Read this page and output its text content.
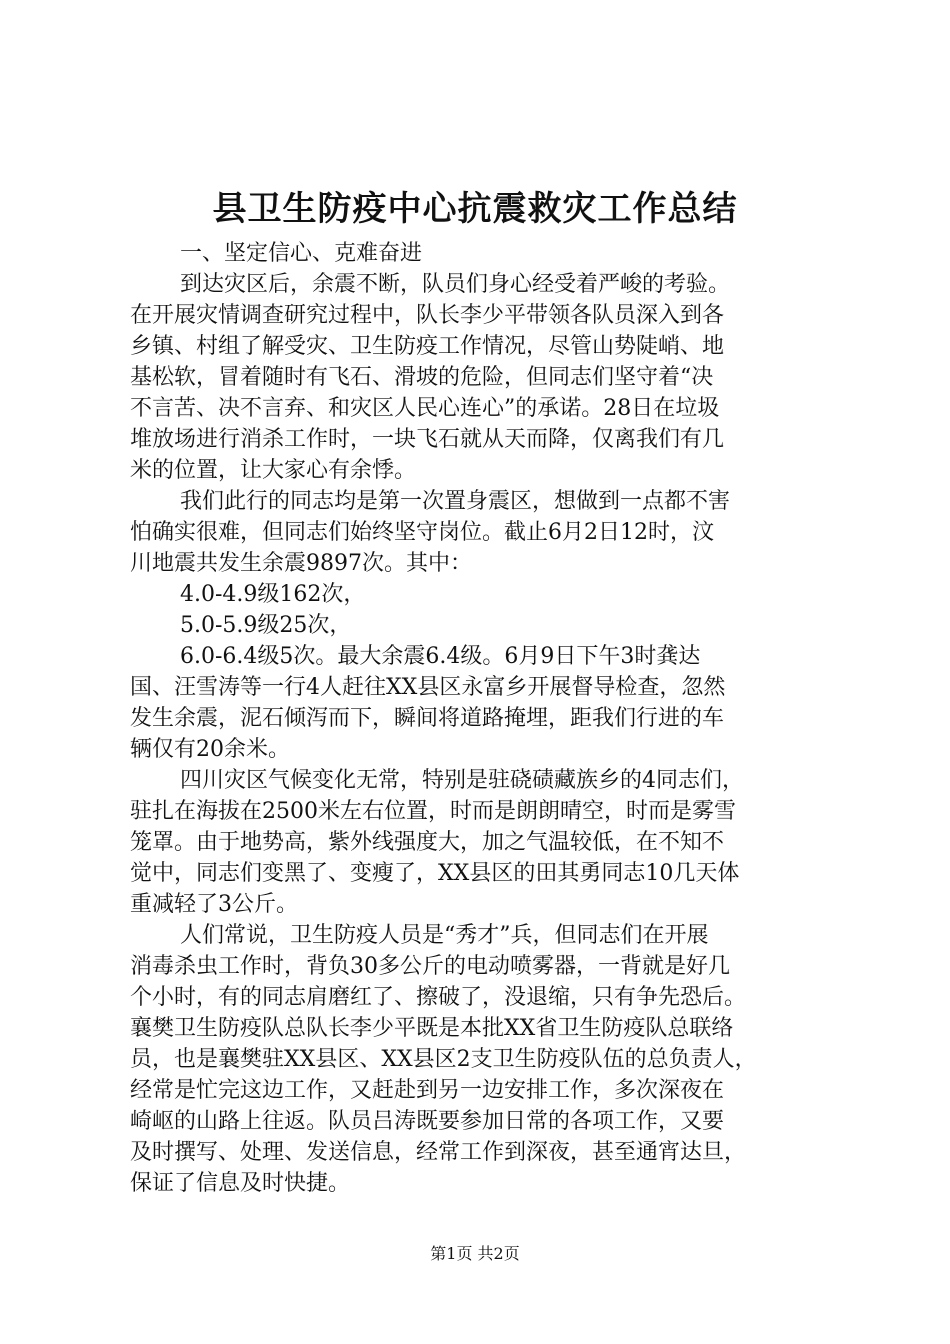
县卫生防疫中心抗震救灾工作总结
一、坚定信心、克难奋进
到达灾区后，余震不断，队员们身心经受着严峻的考验。
在开展灾情调查研究过程中，队长李少平带领各队员深入到各
乡镇、村组了解受灾、卫生防疫工作情况，尽管山势陡峭、地
基松软，冒着随时有飞石、滑坡的危险，但同志们坚守着“决
不言苦、决不言弃、和灾区人民心连心”的承诺。28日在垃圾
堆放场进行消杀工作时，一块飞石就从天而降，仅离我们有几
米的位置，让大家心有余悸。
我们此行的同志均是第一次置身震区，想做到一点都不害
怕确实很难，但同志们始终坚守岗位。截止6月2日12时，汶
川地震共发生余震9897次。其中：
4.0-4.9级162次，
5.0-5.9级25次，
6.0-6.4级5次。最大余震6.4级。6月9日下午3时龚达
国、汪雪涛等一行4人赶往XX县区永富乡开展督导检查，忽然
发生余震，泥石倾泻而下，瞬间将道路掩埋，距我们行进的车
辆仅有20余米。
四川灾区气候变化无常，特别是驻硗碛藏族乡的4同志们，
驻扎在海拔在2500米左右位置，时而是朗朗晴空，时而是雾雪
笼罩。由于地势高，紫外线强度大，加之气温较低，在不知不
觉中，同志们变黑了、变瘦了，XX县区的田其勇同志10几天体
重减轻了3公斤。
人们常说，卫生防疫人员是“秀才”兵，但同志们在开展
消毒杀虫工作时，背负30多公斤的电动喷雾器，一背就是好几
个小时，有的同志肩磨红了、擦破了，没退缩，只有争先恐后。
襄樊卫生防疫队总队长李少平既是本批XX省卫生防疫队总联络
员，也是襄樊驻XX县区、XX县区2支卫生防疫队伍的总负责人，
经常是忙完这边工作，又赶赴到另一边安排工作，多次深夜在
崎岖的山路上往返。队员吕涛既要参加日常的各项工作，又要
及时撰写、处理、发送信息，经常工作到深夜，甚至通宵达旦，
保证了信息及时快捷。
第1页 共2页
